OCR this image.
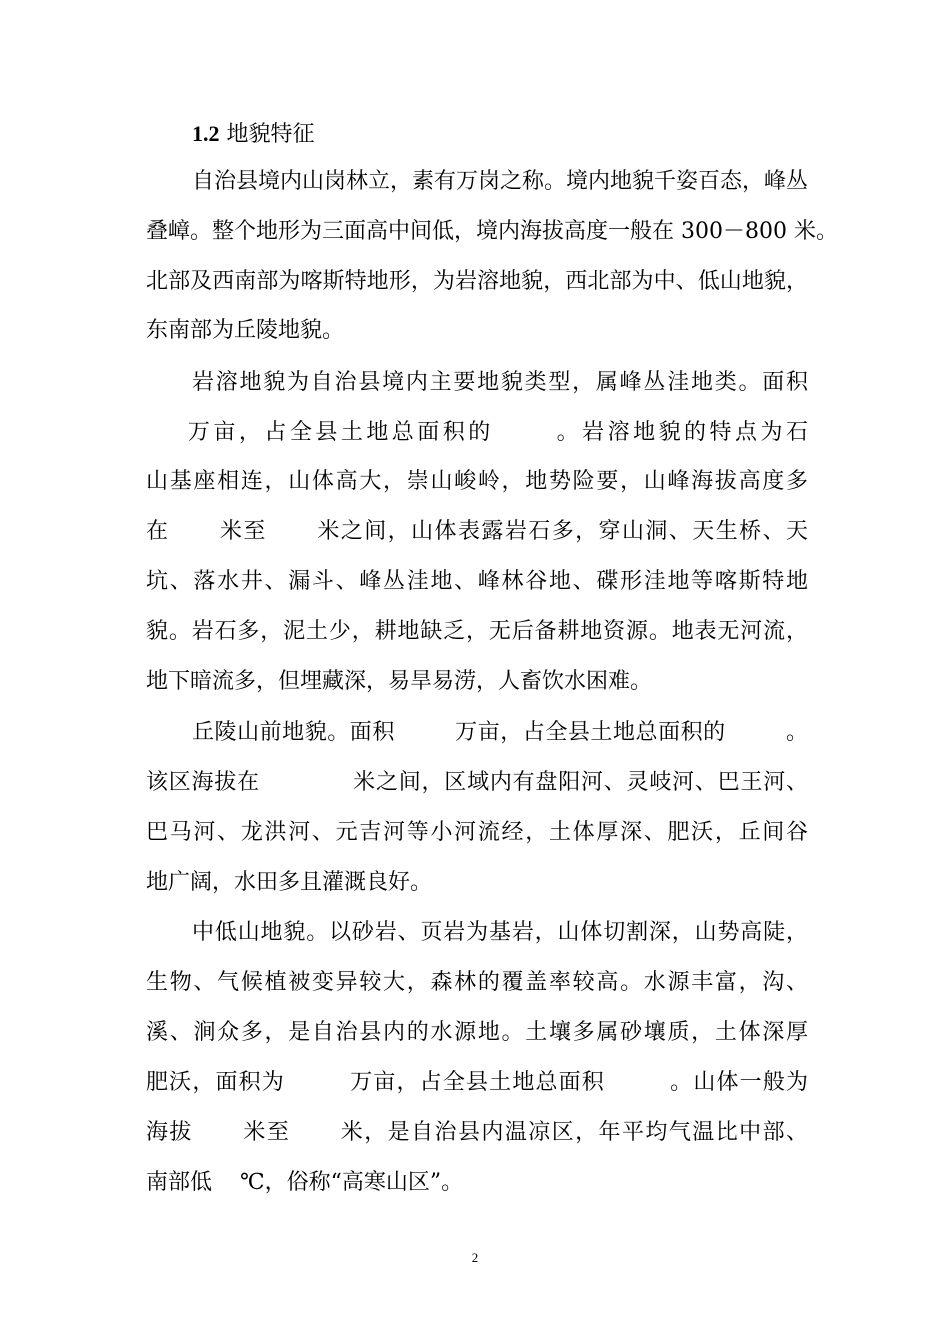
1.2 地貌特征
自治县境内山岗林立，素有万岗之称。境内地貌千姿百态，峰丛
叠嶂。整个地形为三面高中间低，境内海拔高度一般在 300－800 米。
北部及西南部为喀斯特地形，为岩溶地貌，西北部为中、低山地貌，
东南部为丘陵地貌。
岩溶地貌为自治县境内主要地貌类型，属峰丛洼地类。面积
万亩，占全县土地总面积的      。岩溶地貌的特点为石
山基座相连，山体高大，崇山峻岭，地势险要，山峰海拔高度多
在      米至      米之间，山体表露岩石多，穿山洞、天生桥、天
坑、落水井、漏斗、峰丛洼地、峰林谷地、碟形洼地等喀斯特地
貌。岩石多，泥土少，耕地缺乏，无后备耕地资源。地表无河流，
地下暗流多，但埋藏深，易旱易涝，人畜饮水困难。
丘陵山前地貌。面积        万亩，占全县土地总面积的        。
该区海拔在            米之间，区域内有盘阳河、灵岐河、巴王河、
巴马河、龙洪河、元吉河等小河流经，土体厚深、肥沃，丘间谷
地广阔，水田多且灌溉良好。
中低山地貌。以砂岩、页岩为基岩，山体切割深，山势高陡，
生物、气候植被变异较大，森林的覆盖率较高。水源丰富，沟、
溪、涧众多，是自治县内的水源地。土壤多属砂壤质，土体深厚
肥沃，面积为        万亩，占全县土地总面积        。山体一般为
海拔      米至      米，是自治县内温凉区，年平均气温比中部、
南部低    ℃，俗称“高寒山区”。
2
